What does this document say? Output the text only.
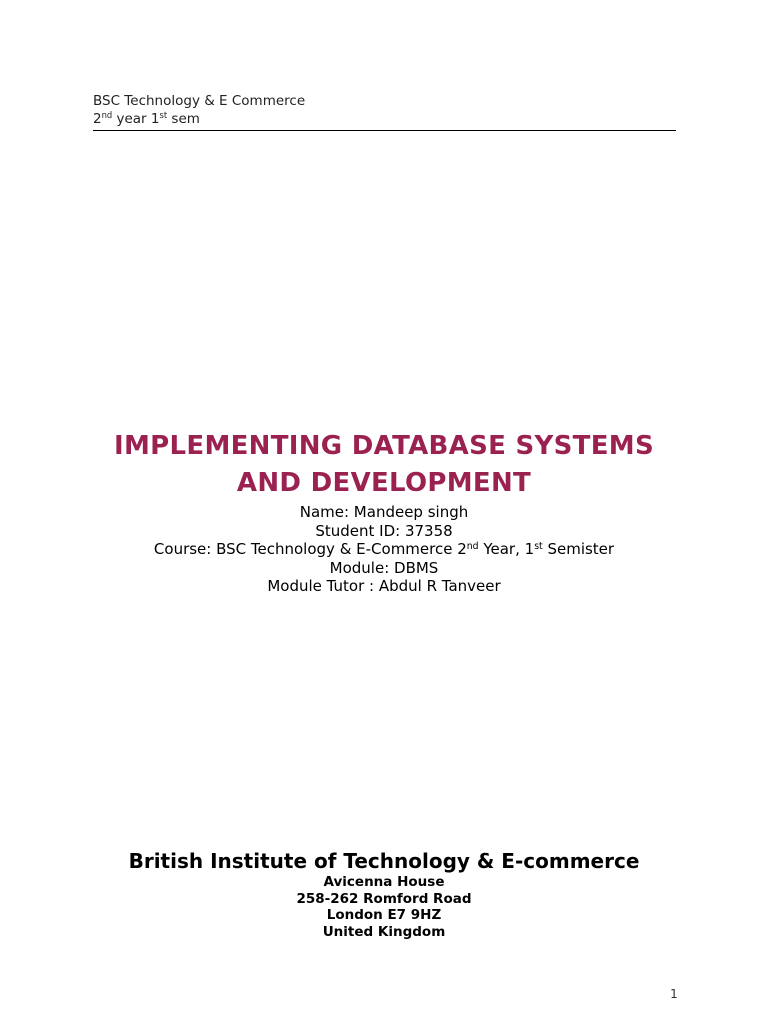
BSC Technology & E Commerce
2nd year 1st sem
IMPLEMENTING DATABASE SYSTEMS
AND DEVELOPMENT
Name: Mandeep singh
Student ID: 37358
Course: BSC Technology & E-Commerce 2nd Year, 1st Semister
Module: DBMS
Module Tutor : Abdul R Tanveer
British Institute of Technology & E-commerce
Avicenna House
258-262 Romford Road
London E7 9HZ
United Kingdom
1
